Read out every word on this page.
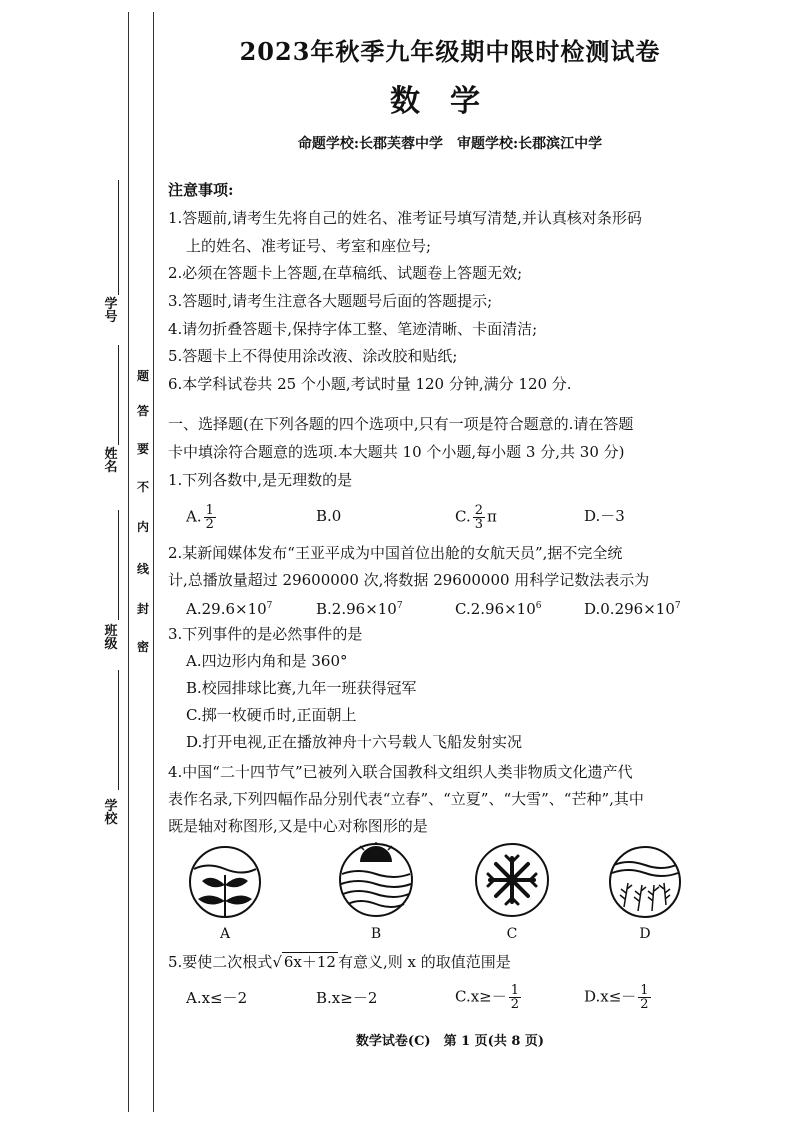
学　号
姓　名
班　级
学　校
题
答
要
不
内
线
封
密
2023年秋季九年级期中限时检测试卷
数学
命题学校:长郡芙蓉中学　审题学校:长郡滨江中学
注意事项:
1.答题前,请考生先将自己的姓名、准考证号填写清楚,并认真核对条形码
上的姓名、准考证号、考室和座位号;
2.必须在答题卡上答题,在草稿纸、试题卷上答题无效;
3.答题时,请考生注意各大题题号后面的答题提示;
4.请勿折叠答题卡,保持字体工整、笔迹清晰、卡面清洁;
5.答题卡上不得使用涂改液、涂改胶和贴纸;
6.本学科试卷共 25 个小题,考试时量 120 分钟,满分 120 分.
一、选择题(在下列各题的四个选项中,只有一项是符合题意的.请在答题
卡中填涂符合题意的选项.本大题共 10 个小题,每小题 3 分,共 30 分)
1.下列各数中,是无理数的是
A. $\frac{1}{2}$	B.0	C. $\frac{2}{3}$ π	D.－3
2.某新闻媒体发布“王亚平成为中国首位出舱的女航天员”,据不完全统
计,总播放量超过 29600000 次,将数据 29600000 用科学记数法表示为
$A.29.6\times 10^7$	$B.2.96\times 10^7$	$C.2.96\times 10^6$	$D.0.296\times 10^7$
3.下列事件的是必然事件的是
A.四边形内角和是 360°
B.校园排球比赛,九年一班获得冠军
C.掷一枚硬币时,正面朝上
D.打开电视,正在播放神舟十六号载人飞船发射实况
4.中国“二十四节气”已被列入联合国教科文组织人类非物质文化遗产代
表作名录,下列四幅作品分别代表“立春”、“立夏”、“大雪”、“芒种”,其中
既是轴对称图形,又是中心对称图形的是
A	B	C	D
5.要使二次根式√ 6x＋12 有意义,则 x 的取值范围是
A.x≤－2	B.x≥－2	$C.x\ge- \frac{1}{2}$	$D.x\le- \frac{1}{2}$
数学试卷(C)　第 1 页(共 8 页)
